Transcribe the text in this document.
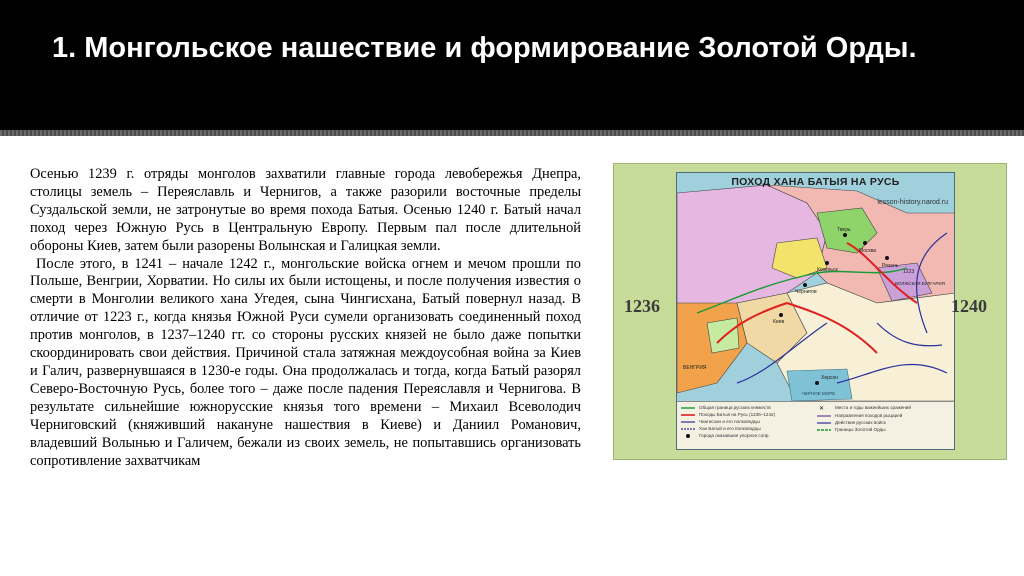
1. Монгольское нашествие и формирование Золотой Орды.

Осенью 1239 г. отряды монголов захватили главные города левобережья Днепра, столицы земель – Переяславль и Чернигов, а также разорили восточные пределы Суздальской земли, не затронутые во время похода Батыя. Осенью 1240 г. Батый начал поход через Южную Русь в Центральную Европу. Первым пал после длительной обороны Киев, затем были разорены Волынская и Галицкая земли.

После этого, в 1241 – начале 1242 г., монгольские войска огнем и мечом прошли по Польше, Венгрии, Хорватии. Но силы их были истощены, и после получения известия о смерти в Монголии великого хана Угедея, сына Чингисхана, Батый повернул назад. В отличие от 1223 г., когда князья Южной Руси сумели организовать соединенный поход против монголов, в 1237–1240 гг. со стороны русских князей не было даже попытки скоординировать свои действия. Причиной стала затяжная междоусобная война за Киев и Галич, развернувшаяся в 1230-е годы. Она продолжалась и тогда, когда Батый разорял Северо-Восточную Русь, более того – даже после падения Переяславля и Чернигова. В результате сильнейшие южнорусские князья того времени – Михаил Всеволодич Черниговский (княживший накануне нашествия в Киеве) и Даниил Романович, владевший Волынью и Галичем, бежали из своих земель, не попытавшись организовать сопротивление захватчикам

Тверь
Москва
Рязань
Козельск
Чернигов
Киев
ВОЛЖСКАЯ БУЛГАРИЯ
ВЕНГРИЯ
ЧЕРНОЕ МОРЕ
Херсон
1223
ПОХОД ХАНА БАТЫЯ НА РУСЬ
lesson-history.narod.ru
✕
Общая граница русских княжеств
Походы Батыя на Русь (1236–1242)
Чингисхан и его полководцы
Хан Батый и его полководцы
Города оказавшие упорное сопр.
Места и годы важнейших сражений
Направления походов рыцарей
Действия русских войск
Границы Золотой Орды
1236	1240
